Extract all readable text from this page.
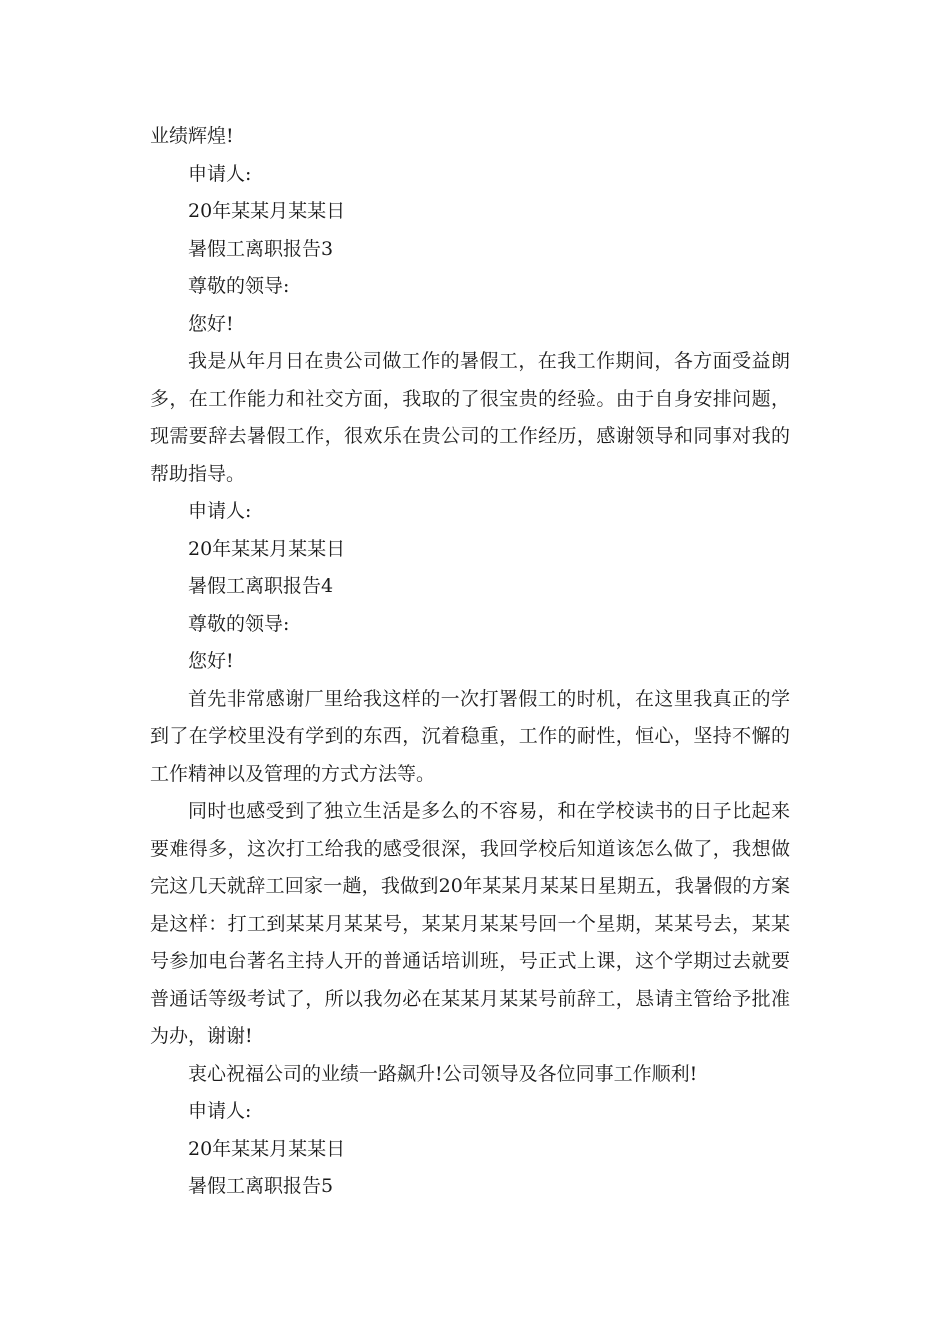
业绩辉煌!

申请人:

20年某某月某某日

暑假工离职报告3

尊敬的领导:

您好!

我是从年月日在贵公司做工作的暑假工，在我工作期间，各方面受益朗多，在工作能力和社交方面，我取的了很宝贵的经验。由于自身安排问题，现需要辞去暑假工作，很欢乐在贵公司的工作经历，感谢领导和同事对我的帮助指导。

申请人:

20年某某月某某日

暑假工离职报告4

尊敬的领导:

您好!

首先非常感谢厂里给我这样的一次打署假工的时机，在这里我真正的学到了在学校里没有学到的东西，沉着稳重，工作的耐性，恒心，坚持不懈的工作精神以及管理的方式方法等。

同时也感受到了独立生活是多么的不容易，和在学校读书的日子比起来要难得多，这次打工给我的感受很深，我回学校后知道该怎么做了，我想做完这几天就辞工回家一趟，我做到20年某某月某某日星期五，我暑假的方案是这样：打工到某某月某某号，某某月某某号回一个星期，某某号去，某某号参加电台著名主持人开的普通话培训班，号正式上课，这个学期过去就要普通话等级考试了，所以我勿必在某某月某某号前辞工，恳请主管给予批准为办，谢谢!

衷心祝福公司的业绩一路飙升!公司领导及各位同事工作顺利!

申请人:

20年某某月某某日

暑假工离职报告5
